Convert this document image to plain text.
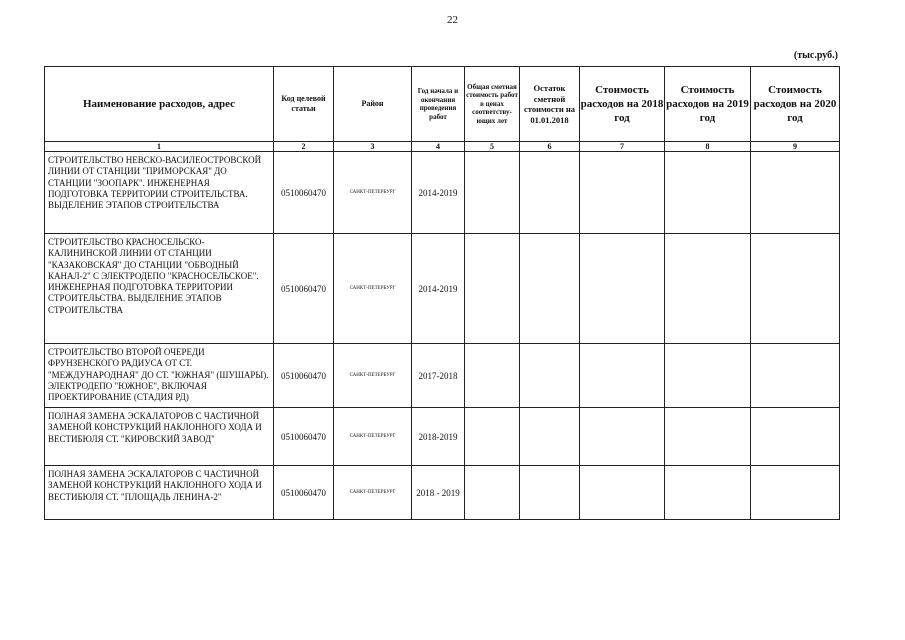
22
(тыс.руб.)
Наименование расходов, адрес	Код целевой статьи	Район	Год начала и окончания проведения работ	Общая сметная стоимость работ в ценах соответству-ющих лет	Остаток сметной стоимости на 01.01.2018	Стоимость расходов на 2018 год	Стоимость расходов на 2019 год	Стоимость расходов на 2020 год
1	2	3	4	5	6	7	8	9
СТРОИТЕЛЬСТВО НЕВСКО-ВАСИЛЕОСТРОВСКОЙ ЛИНИИ ОТ СТАНЦИИ "ПРИМОРСКАЯ" ДО СТАНЦИИ "ЗООПАРК". ИНЖЕНЕРНАЯ ПОДГОТОВКА ТЕРРИТОРИИ СТРОИТЕЛЬСТВА. ВЫДЕЛЕНИЕ ЭТАПОВ СТРОИТЕЛЬСТВА	0510060470	САНКТ-ПЕТЕРБУРГ	2014-2019					
СТРОИТЕЛЬСТВО КРАСНОСЕЛЬСКО-КАЛИНИНСКОЙ ЛИНИИ ОТ СТАНЦИИ "КАЗАКОВСКАЯ" ДО СТАНЦИИ "ОБВОДНЫЙ КАНАЛ-2" С ЭЛЕКТРОДЕПО "КРАСНОСЕЛЬСКОЕ". ИНЖЕНЕРНАЯ ПОДГОТОВКА ТЕРРИТОРИИ СТРОИТЕЛЬСТВА. ВЫДЕЛЕНИЕ ЭТАПОВ СТРОИТЕЛЬСТВА	0510060470	САНКТ-ПЕТЕРБУРГ	2014-2019					
СТРОИТЕЛЬСТВО ВТОРОЙ ОЧЕРЕДИ ФРУНЗЕНСКОГО РАДИУСА ОТ СТ. "МЕЖДУНАРОДНАЯ" ДО СТ. "ЮЖНАЯ" (ШУШАРЫ). ЭЛЕКТРОДЕПО "ЮЖНОЕ", ВКЛЮЧАЯ ПРОЕКТИРОВАНИЕ (СТАДИЯ РД)	0510060470	САНКТ-ПЕТЕРБУРГ	2017-2018					
ПОЛНАЯ ЗАМЕНА ЭСКАЛАТОРОВ С ЧАСТИЧНОЙ ЗАМЕНОЙ КОНСТРУКЦИЙ НАКЛОННОГО ХОДА И ВЕСТИБЮЛЯ СТ. "КИРОВСКИЙ ЗАВОД"	0510060470	САНКТ-ПЕТЕРБУРГ	2018-2019					
ПОЛНАЯ ЗАМЕНА ЭСКАЛАТОРОВ С ЧАСТИЧНОЙ ЗАМЕНОЙ КОНСТРУКЦИЙ НАКЛОННОГО ХОДА И ВЕСТИБЮЛЯ СТ. "ПЛОЩАДЬ ЛЕНИНА-2"	0510060470	САНКТ-ПЕТЕРБУРГ	2018 - 2019					
